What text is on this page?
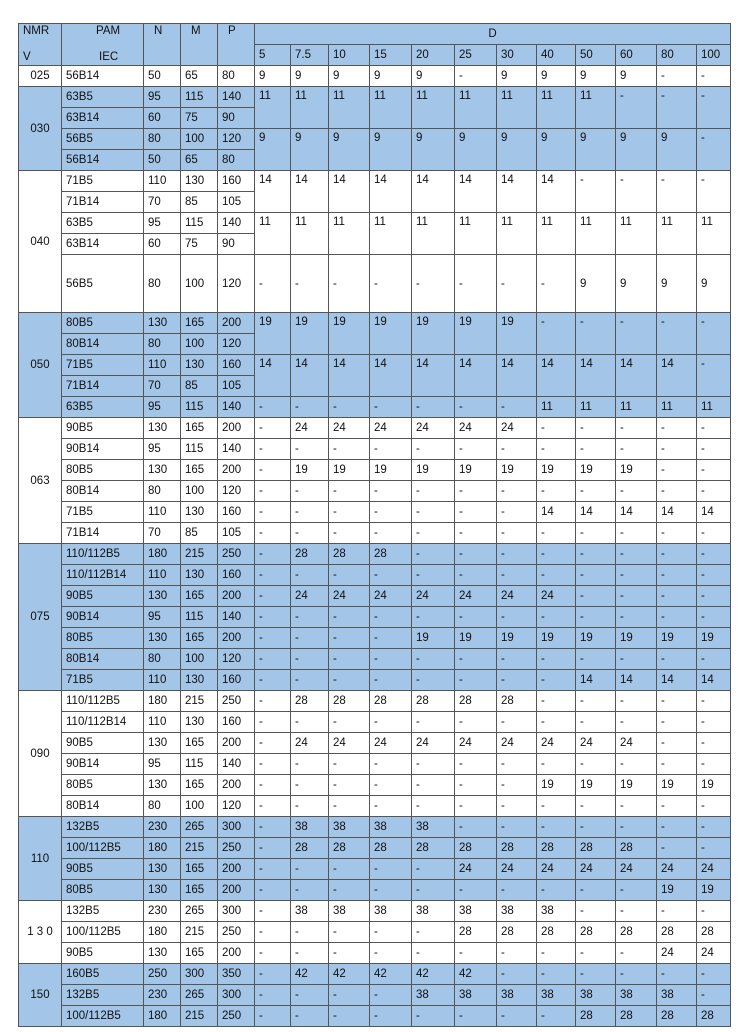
NMR
V	PAM
IEC	N	M	P	D											
					5	7.5	10	15	20	25	30	40	50	60	80	100
025	56B14	50	65	80	9	9	9	9	9	-	9	9	9	9	-	-
030	63B5	95	115	140	11	11	11	11	11	11	11	11	11	-	-	-
	63B14	60	75	90												
	56B5	80	100	120	9	9	9	9	9	9	9	9	9	9	9	-
	56B14	50	65	80												
040	71B5	110	130	160	14	14	14	14	14	14	14	14	-	-	-	-
	71B14	70	85	105												
	63B5	95	115	140	11	11	11	11	11	11	11	11	11	11	11	11
	63B14	60	75	90												
	56B5	80	100	120	-	-	-	-	-	-	-	-	9	9	9	9
050	80B5	130	165	200	19	19	19	19	19	19	19	-	-	-	-	-
	80B14	80	100	120												
	71B5	110	130	160	14	14	14	14	14	14	14	14	14	14	14	-
	71B14	70	85	105												
	63B5	95	115	140	-	-	-	-	-	-	-	11	11	11	11	11
063	90B5	130	165	200	-	24	24	24	24	24	24	-	-	-	-	-
	90B14	95	115	140	-	-	-	-	-	-	-	-	-	-	-	-
	80B5	130	165	200	-	19	19	19	19	19	19	19	19	19	-	-
	80B14	80	100	120	-	-	-	-	-	-	-	-	-	-	-	-
	71B5	110	130	160	-	-	-	-	-	-	-	14	14	14	14	14
	71B14	70	85	105	-	-	-	-	-	-	-	-	-	-	-	-
075	110/112B5	180	215	250	-	28	28	28	-	-	-	-	-	-	-	-
	110/112B14	110	130	160	-	-	-	-	-	-	-	-	-	-	-	-
	90B5	130	165	200	-	24	24	24	24	24	24	24	-	-	-	-
	90B14	95	115	140	-	-	-	-	-	-	-	-	-	-	-	-
	80B5	130	165	200	-	-	-	-	19	19	19	19	19	19	19	19
	80B14	80	100	120	-	-	-	-	-	-	-	-	-	-	-	-
	71B5	110	130	160	-	-	-	-	-	-	-	-	14	14	14	14
090	110/112B5	180	215	250	-	28	28	28	28	28	28	-	-	-	-	-
	110/112B14	110	130	160	-	-	-	-	-	-	-	-	-	-	-	-
	90B5	130	165	200	-	24	24	24	24	24	24	24	24	24	-	-
	90B14	95	115	140	-	-	-	-	-	-	-	-	-	-	-	-
	80B5	130	165	200	-	-	-	-	-	-	-	19	19	19	19	19
	80B14	80	100	120	-	-	-	-	-	-	-	-	-	-	-	-
110	132B5	230	265	300	-	38	38	38	38	-	-	-	-	-	-	-
	100/112B5	180	215	250	-	28	28	28	28	28	28	28	28	28	-	-
	90B5	130	165	200	-	-	-	-	-	24	24	24	24	24	24	24
	80B5	130	165	200	-	-	-	-	-	-	-	-	-	-	19	19
1 3 0	132B5	230	265	300	-	38	38	38	38	38	38	38	-	-	-	-
	100/112B5	180	215	250	-	-	-	-	-	28	28	28	28	28	28	28
	90B5	130	165	200	-	-	-	-	-	-	-	-	-	-	24	24
150	160B5	250	300	350	-	42	42	42	42	42	-	-	-	-	-	-
	132B5	230	265	300	-	-	-	-	38	38	38	38	38	38	38	-
	100/112B5	180	215	250	-	-	-	-	-	-	-	-	28	28	28	28
